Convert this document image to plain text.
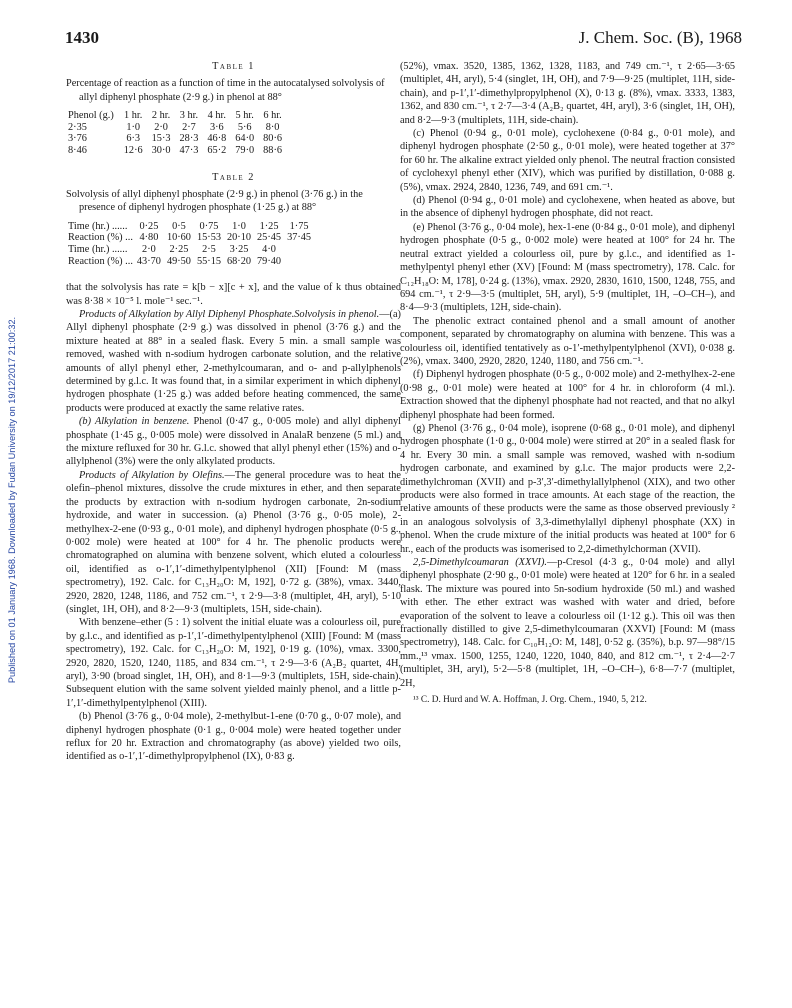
Published on 01 January 1968. Downloaded by Fudan University on 19/12/2017 21:00:32.
1430	J. Chem. Soc. (B), 1968
Table 1
Percentage of reaction as a function of time in the autocatalysed solvolysis of allyl diphenyl phosphate (2·9 g.) in phenol at 88°
Phenol (g.)	1 hr.	2 hr.	3 hr.	4 hr.	5 hr.	6 hr.
2·35	1·0	2·0	2·7	3·6	5·6	8·0
3·76	6·3	15·3	28·3	46·8	64·0	80·6
8·46	12·6	30·0	47·3	65·2	79·0	88·6
Table 2
Solvolysis of allyl diphenyl phosphate (2·9 g.) in phenol (3·76 g.) in the presence of diphenyl hydrogen phosphate (1·25 g.) at 88°
Time (hr.) ......	0·25	0·5	0·75	1·0	1·25	1·75
Reaction (%) ...	4·80	10·60	15·53	20·10	25·45	37·45
Time (hr.) ......	2·0	2·25	2·5	3·25	4·0	
Reaction (%) ...	43·70	49·50	55·15	68·20	79·40	

that the solvolysis has rate = k[b − x][c + x], and the value of k thus obtained was 8·38 × 10⁻⁵ l. mole⁻¹ sec.⁻¹.

Products of Alkylation by Allyl Diphenyl Phosphate.Solvolysis in phenol.—(a) Allyl diphenyl phosphate (2·9 g.) was dissolved in phenol (3·76 g.) and the mixture heated at 88° in a sealed flask. Every 5 min. a small sample was removed, washed with n-sodium hydrogen carbonate solution, and the relative amounts of allyl phenyl ether, 2-methylcoumaran, and o- and p-allylphenols determined by g.l.c. It was found that, in a similar experiment in which diphenyl hydrogen phosphate (1·25 g.) was added before heating commenced, the same products were produced at exactly the same relative rates.

(b) Alkylation in benzene. Phenol (0·47 g., 0·005 mole) and allyl diphenyl phosphate (1·45 g., 0·005 mole) were dissolved in AnalaR benzene (5 ml.) and the mixture refluxed for 30 hr. G.l.c. showed that allyl phenyl ether (15%) and o-allylphenol (3%) were the only alkylated products.

Products of Alkylation by Olefins.—The general procedure was to heat the olefin–phenol mixtures, dissolve the crude mixtures in ether, and then separate the products by extraction with n-sodium hydrogen carbonate, 2n-sodium hydroxide, and water in succession. (a) Phenol (3·76 g., 0·05 mole), 2-methylhex-2-ene (0·93 g., 0·01 mole), and diphenyl hydrogen phosphate (0·5 g., 0·002 mole) were heated at 100° for 4 hr. The phenolic products were chromatographed on alumina with benzene solvent, which eluted a colourless oil, identified as o-1′,1′-dimethylpentylphenol (XII) [Found: M (mass spectrometry), 192. Calc. for C₁₃H₂₀O: M, 192], 0·72 g. (38%), νmax. 3440, 2920, 2820, 1248, 1186, and 752 cm.⁻¹, τ 2·9—3·8 (multiplet, 4H, aryl), 5·10 (singlet, 1H, OH), and 8·2—9·3 (multiplets, 15H, side-chain).

With benzene–ether (5 : 1) solvent the initial eluate was a colourless oil, pure by g.l.c., and identified as p-1′,1′-dimethylpentylphenol (XIII) [Found: M (mass spectrometry), 192. Calc. for C₁₃H₂₀O: M, 192], 0·19 g. (10%), νmax. 3300, 2920, 2820, 1520, 1240, 1185, and 834 cm.⁻¹, τ 2·9—3·6 (A₂B₂ quartet, 4H, aryl), 3·90 (broad singlet, 1H, OH), and 8·1—9·3 (multiplets, 15H, side-chain). Subsequent elution with the same solvent yielded mainly phenol, and a little p-1′,1′-dimethylpentylphenol (XIII).

(b) Phenol (3·76 g., 0·04 mole), 2-methylbut-1-ene (0·70 g., 0·07 mole), and diphenyl hydrogen phosphate (0·1 g., 0·004 mole) were heated together under reflux for 20 hr. Extraction and chromatography (as above) yielded two oils, identified as o-1′,1′-dimethylpropylphenol (IX), 0·83 g.

(52%), νmax. 3520, 1385, 1362, 1328, 1183, and 749 cm.⁻¹, τ 2·65—3·65 (multiplet, 4H, aryl), 5·4 (singlet, 1H, OH), and 7·9—9·25 (multiplet, 11H, side-chain), and p-1′,1′-dimethylpropylphenol (X), 0·13 g. (8%), νmax. 3333, 1383, 1362, and 830 cm.⁻¹, τ 2·7—3·4 (A₂B₂ quartet, 4H, aryl), 3·6 (singlet, 1H, OH), and 8·2—9·3 (multiplets, 11H, side-chain).

(c) Phenol (0·94 g., 0·01 mole), cyclohexene (0·84 g., 0·01 mole), and diphenyl hydrogen phosphate (2·50 g., 0·01 mole), were heated together at 37° for 60 hr. The alkaline extract yielded only phenol. The neutral fraction consisted of cyclohexyl phenyl ether (XIV), which was purified by distillation, 0·088 g. (5%), νmax. 2924, 2840, 1236, 749, and 691 cm.⁻¹.

(d) Phenol (0·94 g., 0·01 mole) and cyclohexene, when heated as above, but in the absence of diphenyl hydrogen phosphate, did not react.

(e) Phenol (3·76 g., 0·04 mole), hex-1-ene (0·84 g., 0·01 mole), and diphenyl hydrogen phosphate (0·5 g., 0·002 mole) were heated at 100° for 24 hr. The neutral extract yielded a colourless oil, pure by g.l.c., and identified as 1-methylpentyl phenyl ether (XV) [Found: M (mass spectrometry), 178. Calc. for C₁₂H₁₈O: M, 178], 0·24 g. (13%), νmax. 2920, 2830, 1610, 1500, 1248, 755, and 694 cm.⁻¹, τ 2·9—3·5 (multiplet, 5H, aryl), 5·9 (multiplet, 1H, –O–CH–), and 8·4—9·3 (multiplets, 12H, side-chain).

The phenolic extract contained phenol and a small amount of another component, separated by chromatography on alumina with benzene. This was a colourless oil, identified tentatively as o-1′-methylpentylphenol (XVI), 0·038 g. (2%), νmax. 3400, 2920, 2820, 1240, 1180, and 756 cm.⁻¹.

(f) Diphenyl hydrogen phosphate (0·5 g., 0·002 mole) and 2-methylhex-2-ene (0·98 g., 0·01 mole) were heated at 100° for 4 hr. in chloroform (4 ml.). Extraction showed that the diphenyl phosphate had not reacted, and that no alkyl diphenyl phosphate had been formed.

(g) Phenol (3·76 g., 0·04 mole), isoprene (0·68 g., 0·01 mole), and diphenyl hydrogen phosphate (1·0 g., 0·004 mole) were stirred at 20° in a sealed flask for 4 hr. Every 30 min. a small sample was removed, washed with n-sodium hydrogen carbonate, and examined by g.l.c. The major products were 2,2-dimethylchroman (XVII) and p-3′,3′-dimethylallylphenol (XIX), and two other products were also formed in trace amounts. At each stage of the reaction, the relative amounts of these products were the same as those observed previously ² in an analogous solvolysis of 3,3-dimethylallyl diphenyl phosphate (XX) in phenol. When the crude mixture of the initial products was heated at 100° for 6 hr., each of the products was isomerised to 2,2-dimethylchorman (XVII).

2,5-Dimethylcoumaran (XXVI).—p-Cresol (4·3 g., 0·04 mole) and allyl diphenyl phosphate (2·90 g., 0·01 mole) were heated at 120° for 6 hr. in a sealed flask. The mixture was poured into 5n-sodium hydroxide (50 ml.) and washed with ether. The ether extract was washed with water and dried, before evaporation of the solvent to leave a colourless oil (1·12 g.). This oil was then fractionally distilled to give 2,5-dimethylcoumaran (XXVI) [Found: M (mass spectrometry), 148. Calc. for C₁₀H₁₂O: M, 148], 0·52 g. (35%), b.p. 97—98°/15 mm.,¹³ νmax. 1500, 1255, 1240, 1220, 1040, 840, and 812 cm.⁻¹, τ 2·4—2·7 (multiplet, 3H, aryl), 5·2—5·8 (multiplet, 1H, –O–CH–), 6·8—7·7 (multiplet, 2H,

¹³ C. D. Hurd and W. A. Hoffman, J. Org. Chem., 1940, 5, 212.
